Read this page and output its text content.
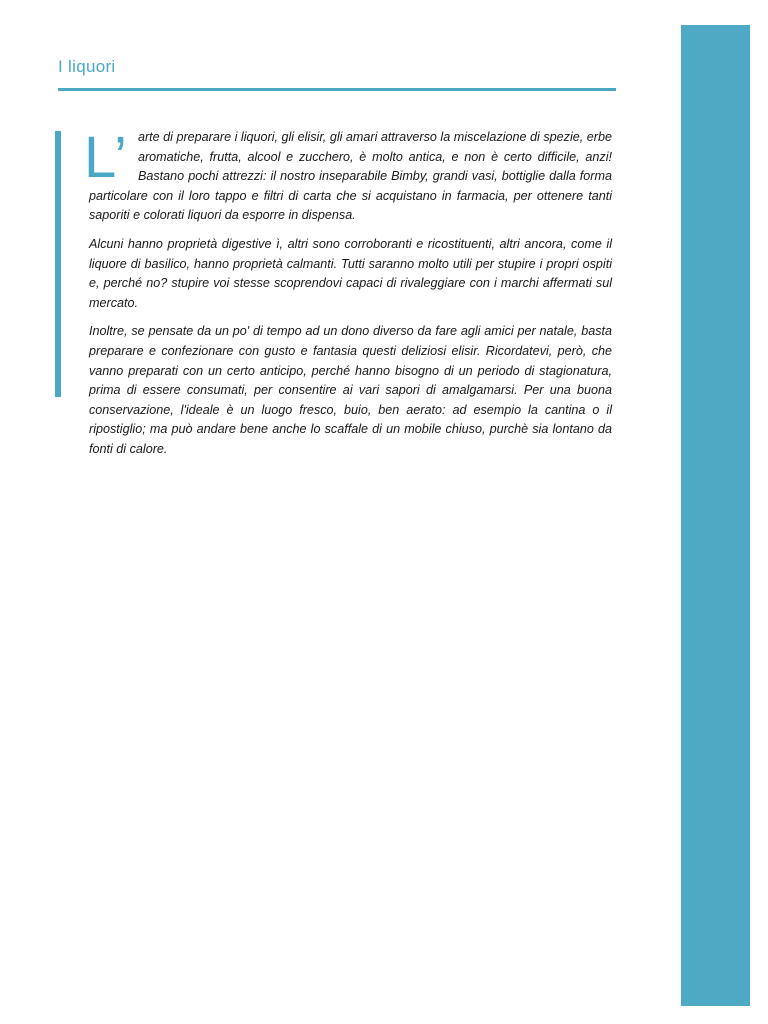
I liquori

L’ arte di preparare i liquori, gli elisir, gli amari attraverso la miscelazione di spezie, erbe aromatiche, frutta, alcool e zucchero, è molto antica, e non è certo difficile, anzi! Bastano pochi attrezzi: il nostro inseparabile Bimby, grandi vasi, bottiglie dalla forma particolare con il loro tappo e filtri di carta che si acquistano in farmacia, per ottenere tanti saporiti e colorati liquori da esporre in dispensa.

Alcuni hanno proprietà digestive ì, altri sono corroboranti e ricostituenti, altri ancora, come il liquore di basilico, hanno proprietà calmanti. Tutti saranno molto utili per stupire i propri ospiti e, perché no? stupire voi stesse scoprendovi capaci di rivaleggiare con i marchi affermati sul mercato.

Inoltre, se pensate da un po' di tempo ad un dono diverso da fare agli amici per natale, basta preparare e confezionare con gusto e fantasia questi deliziosi elisir. Ricordatevi, però, che vanno preparati con un certo anticipo, perché hanno bisogno di un periodo di stagionatura, prima di essere consumati, per consentire ai vari sapori di amalgamarsi. Per una buona conservazione, l'ideale è un luogo fresco, buio, ben aerato: ad esempio la cantina o il ripostiglio; ma può andare bene anche lo scaffale di un mobile chiuso, purchè sia lontano da fonti di calore.
